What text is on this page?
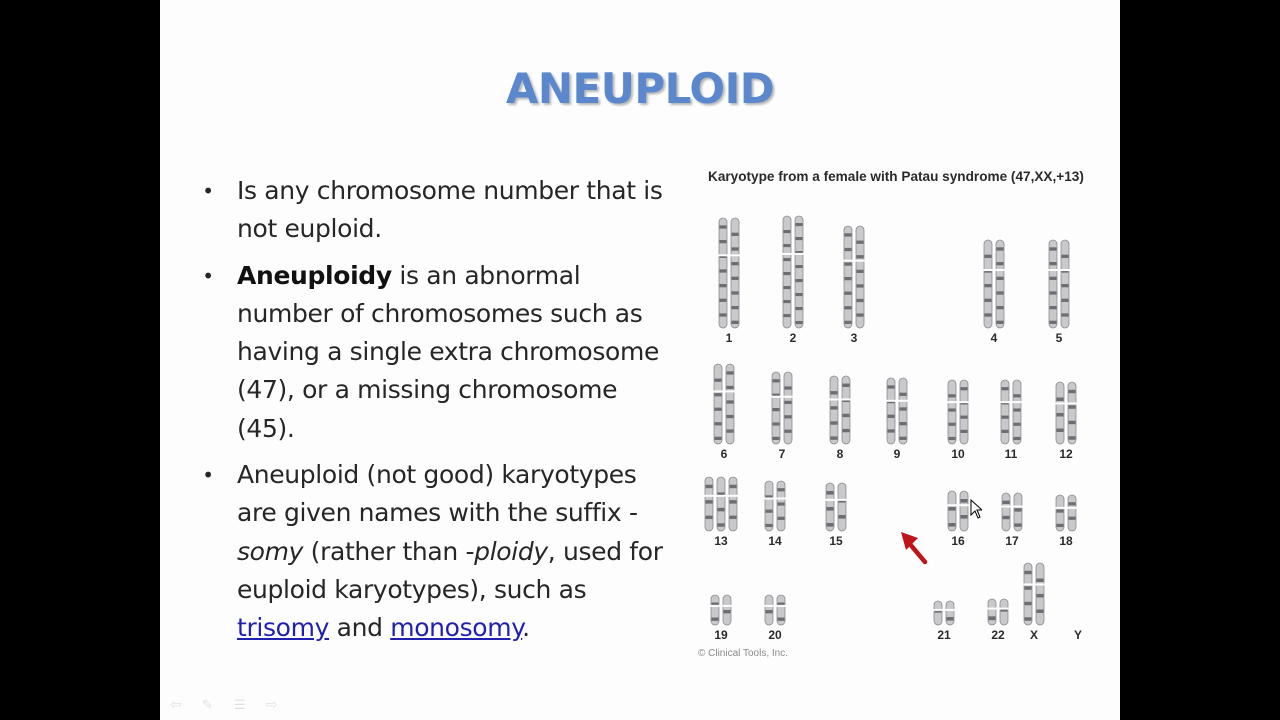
ANEUPLOID
• Is any chromosome number that is not euploid.
• Aneuploidy is an abnormal number of chromosomes such as having a single extra chromosome (47), or a missing chromosome (45).
• Aneuploid (not good) karyotypes are given names with the suffix -somy (rather than -ploidy, used for euploid karyotypes), such as trisomy and monosomy.
1	2	3	4	5
6	7	8	9	10	11	12
13	14	15	16	17	18
19	20	21	22 X	Y
Karyotype from a female with Patau syndrome (47,XX,+13)
© Clinical Tools, Inc.
⇦
✎
☰
⇨
